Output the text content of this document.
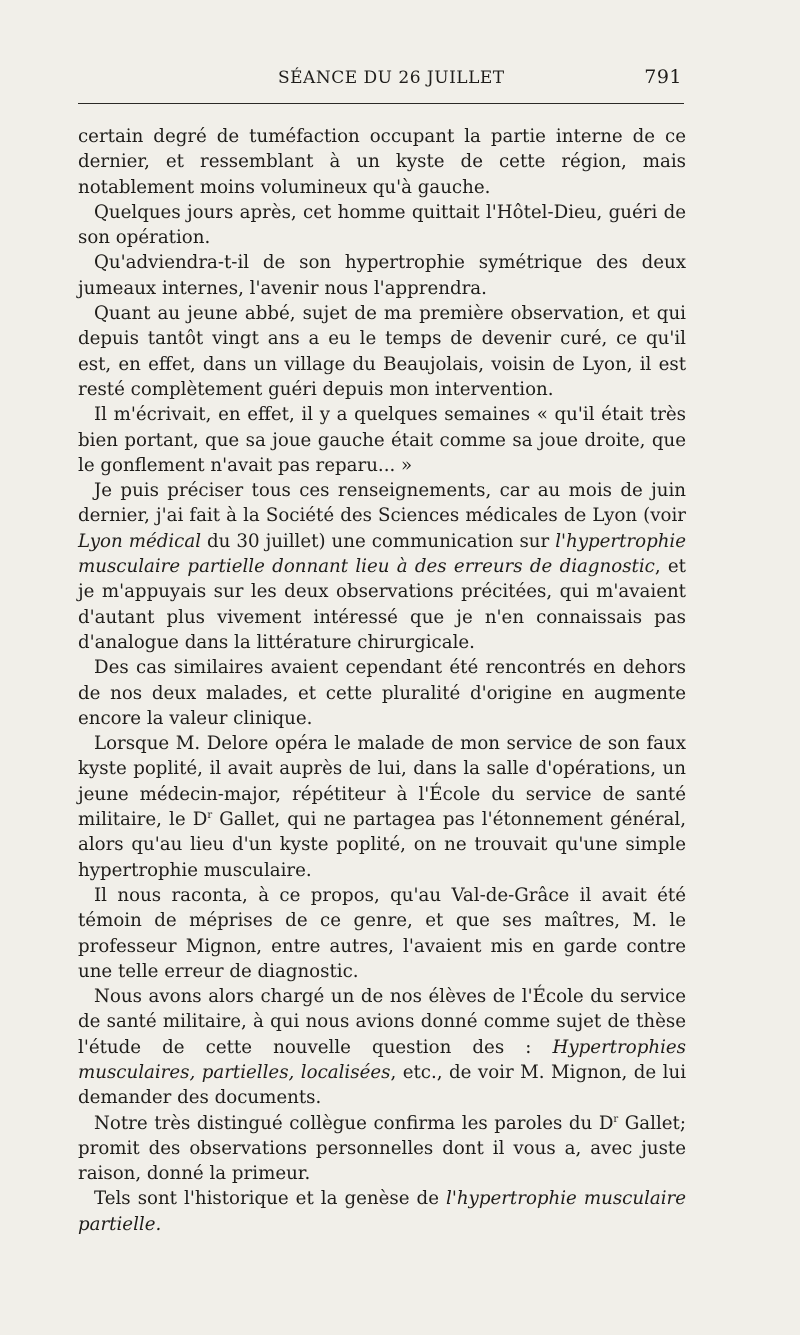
SÉANCE DU 26 JUILLET	791

certain degré de tuméfaction occupant la partie interne de ce dernier, et ressemblant à un kyste de cette région, mais notablement moins volumineux qu'à gauche.

Quelques jours après, cet homme quittait l'Hôtel-Dieu, guéri de son opération.

Qu'adviendra-t-il de son hypertrophie symétrique des deux jumeaux internes, l'avenir nous l'apprendra.

Quant au jeune abbé, sujet de ma première observation, et qui depuis tantôt vingt ans a eu le temps de devenir curé, ce qu'il est, en effet, dans un village du Beaujolais, voisin de Lyon, il est resté complètement guéri depuis mon intervention.

Il m'écrivait, en effet, il y a quelques semaines « qu'il était très bien portant, que sa joue gauche était comme sa joue droite, que le gonflement n'avait pas reparu... »

Je puis préciser tous ces renseignements, car au mois de juin dernier, j'ai fait à la Société des Sciences médicales de Lyon (voir Lyon médical du 30 juillet) une communication sur l'hypertrophie musculaire partielle donnant lieu à des erreurs de diagnostic, et je m'appuyais sur les deux observations précitées, qui m'avaient d'autant plus vivement intéressé que je n'en connaissais pas d'analogue dans la littérature chirurgicale.

Des cas similaires avaient cependant été rencontrés en dehors de nos deux malades, et cette pluralité d'origine en augmente encore la valeur clinique.

Lorsque M. Delore opéra le malade de mon service de son faux kyste poplité, il avait auprès de lui, dans la salle d'opérations, un jeune médecin-major, répétiteur à l'École du service de santé militaire, le $D^r$ Gallet, qui ne partagea pas l'étonnement général, alors qu'au lieu d'un kyste poplité, on ne trouvait qu'une simple hypertrophie musculaire.

Il nous raconta, à ce propos, qu'au Val-de-Grâce il avait été témoin de méprises de ce genre, et que ses maîtres, M. le professeur Mignon, entre autres, l'avaient mis en garde contre une telle erreur de diagnostic.

Nous avons alors chargé un de nos élèves de l'École du service de santé militaire, à qui nous avions donné comme sujet de thèse l'étude de cette nouvelle question des : Hypertrophies musculaires, partielles, localisées, etc., de voir M. Mignon, de lui demander des documents.

Notre très distingué collègue confirma les paroles du $D^r$ Gallet; promit des observations personnelles dont il vous a, avec juste raison, donné la primeur.

Tels sont l'historique et la genèse de l'hypertrophie musculaire partielle.
